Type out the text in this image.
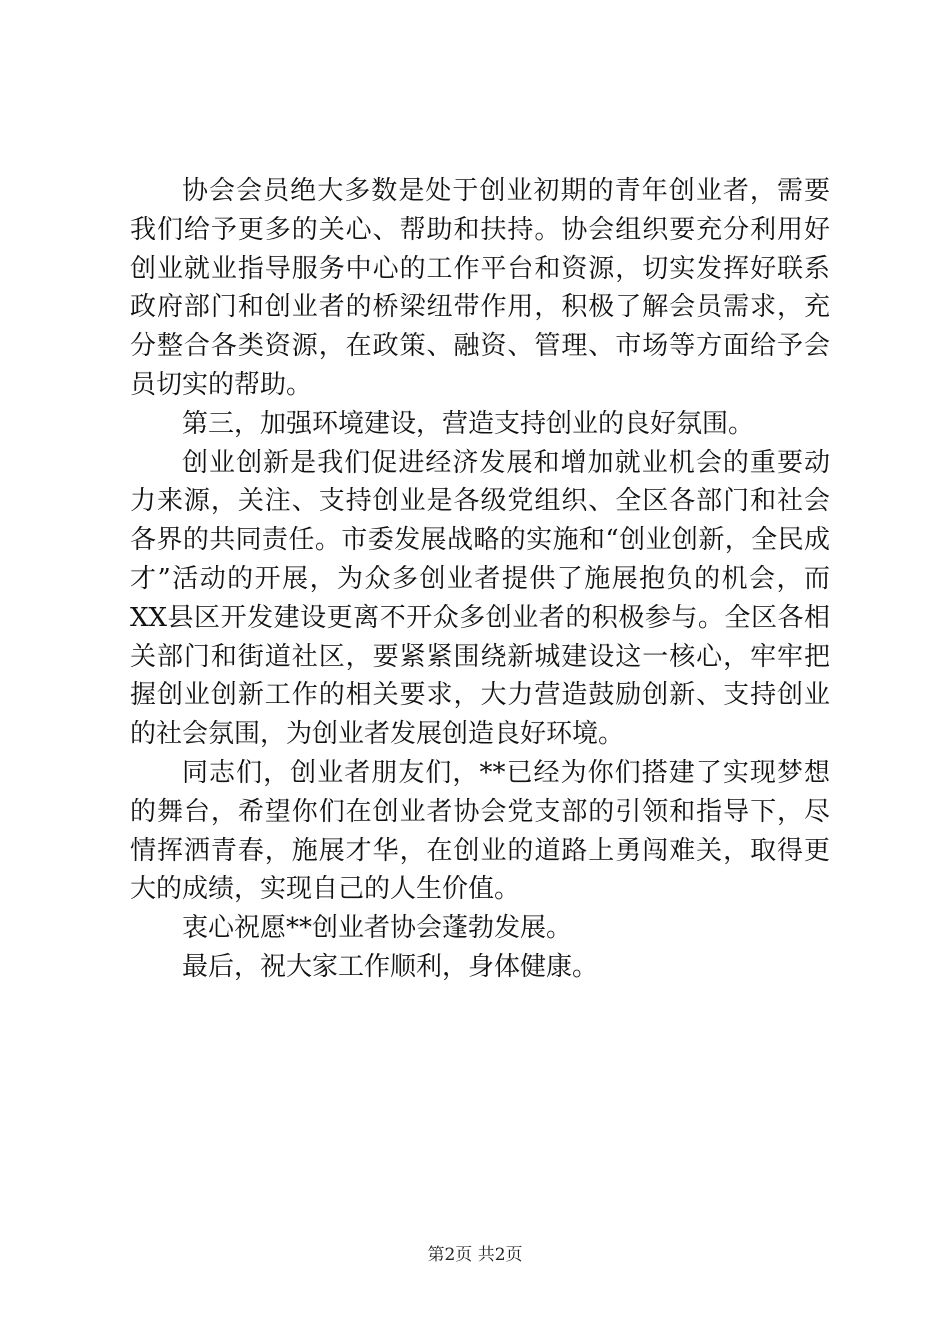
协会会员绝大多数是处于创业初期的青年创业者，需要我们给予更多的关心、帮助和扶持。协会组织要充分利用好创业就业指导服务中心的工作平台和资源，切实发挥好联系政府部门和创业者的桥梁纽带作用，积极了解会员需求，充分整合各类资源，在政策、融资、管理、市场等方面给予会员切实的帮助。

第三，加强环境建设，营造支持创业的良好氛围。

创业创新是我们促进经济发展和增加就业机会的重要动力来源，关注、支持创业是各级党组织、全区各部门和社会各界的共同责任。市委发展战略的实施和“创业创新，全民成才”活动的开展，为众多创业者提供了施展抱负的机会，而XX县区开发建设更离不开众多创业者的积极参与。全区各相关部门和街道社区，要紧紧围绕新城建设这一核心，牢牢把握创业创新工作的相关要求，大力营造鼓励创新、支持创业的社会氛围，为创业者发展创造良好环境。

同志们，创业者朋友们，**已经为你们搭建了实现梦想的舞台，希望你们在创业者协会党支部的引领和指导下，尽情挥洒青春，施展才华，在创业的道路上勇闯难关，取得更大的成绩，实现自己的人生价值。

衷心祝愿**创业者协会蓬勃发展。

最后，祝大家工作顺利，身体健康。

第2页 共2页
